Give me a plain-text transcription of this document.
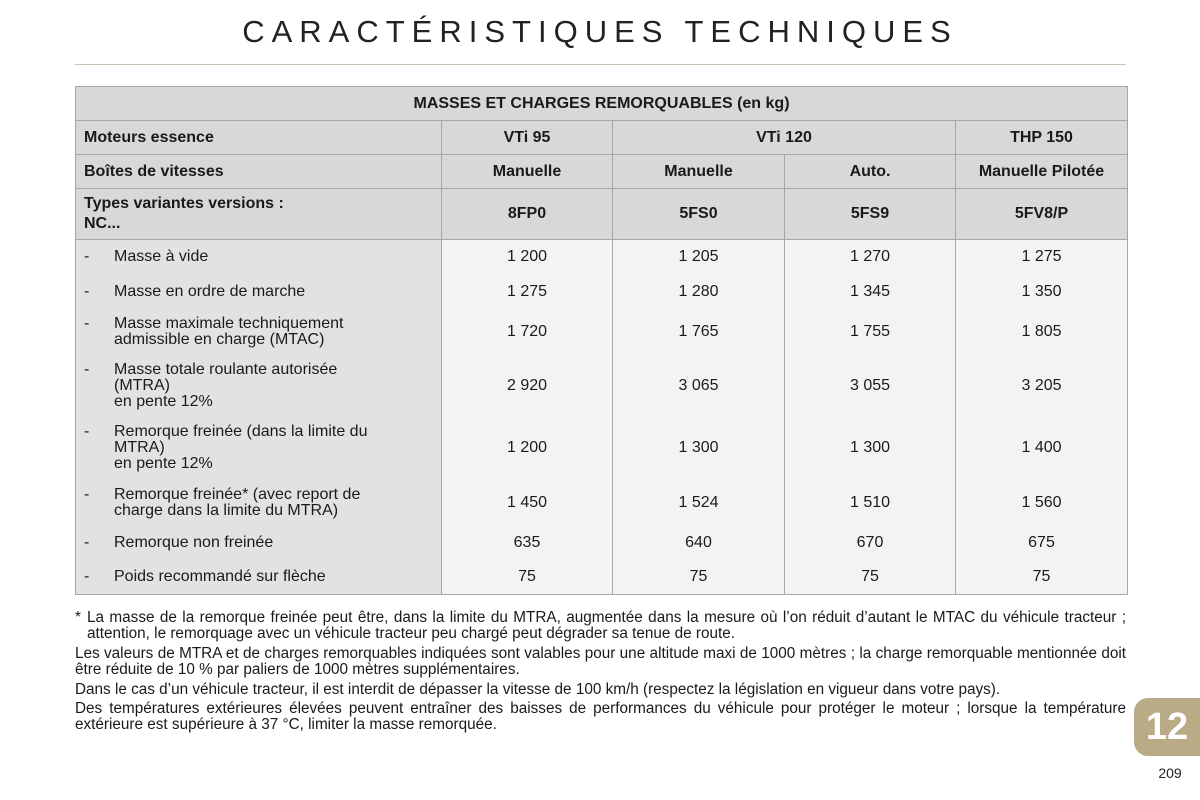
CARACTÉRISTIQUES TECHNIQUES
MASSES ET CHARGES REMORQUABLES (en kg)				
Moteurs essence	VTi 95	VTi 120		THP 150
Boîtes de vitesses	Manuelle	Manuelle	Auto.	Manuelle Pilotée

Types variantes versions :
NC...	8FP0	5FS0	5FS9	5FV8/P

- Masse à vide	1 200	1 205	1 270	1 275

- Masse en ordre de marche	1 275	1 280	1 345	1 350

- Masse maximale techniquement
admissible en charge (MTAC)	1 720	1 765	1 755	1 805

- Masse totale roulante autorisée
(MTRA)
en pente 12%	2 920	3 065	3 055	3 205

- Remorque freinée (dans la limite du
MTRA)
en pente 12%	1 200	1 300	1 300	1 400

- Remorque freinée* (avec report de
charge dans la limite du MTRA)	1 450	1 524	1 510	1 560

- Remorque non freinée	635	640	670	675

- Poids recommandé sur flèche	75	75	75	75

* La masse de la remorque freinée peut être, dans la limite du MTRA, augmentée dans la mesure où l’on réduit d’autant le MTAC du véhicule tracteur ; attention, le remorquage avec un véhicule tracteur peu chargé peut dégrader sa tenue de route.

Les valeurs de MTRA et de charges remorquables indiquées sont valables pour une altitude maxi de 1000 mètres ; la charge remorquable mentionnée doit être réduite de 10 % par paliers de 1000 mètres supplémentaires.

Dans le cas d’un véhicule tracteur, il est interdit de dépasser la vitesse de 100 km/h (respectez la législation en vigueur dans votre pays).

Des températures extérieures élevées peuvent entraîner des baisses de performances du véhicule pour protéger le moteur ; lorsque la température extérieure est supérieure à 37 °C, limiter la masse remorquée.	12
209
